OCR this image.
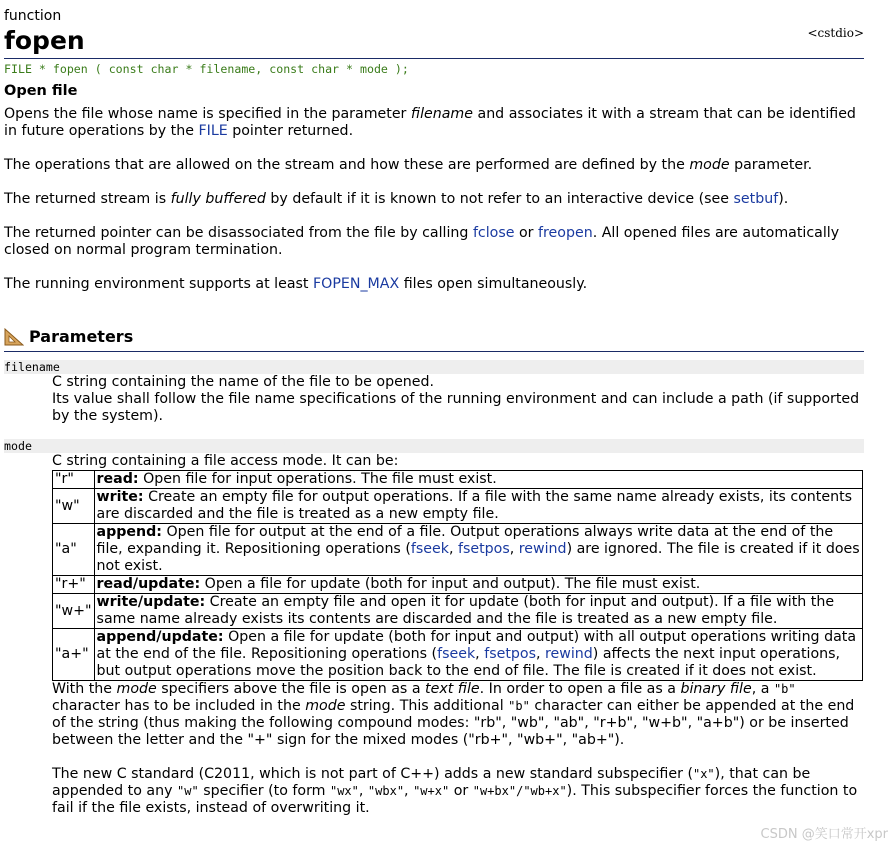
function
fopen	<cstdio>
FILE * fopen ( const char * filename, const char * mode );
Open file

Opens the file whose name is specified in the parameter filename and associates it with a stream that can be identified in future operations by the FILE pointer returned.

The operations that are allowed on the stream and how these are performed are defined by the mode parameter.

The returned stream is fully buffered by default if it is known to not refer to an interactive device (see setbuf).

The returned pointer can be disassociated from the file by calling fclose or freopen. All opened files are automatically closed on normal program termination.

The running environment supports at least FOPEN_MAX files open simultaneously.

Parameters
filename
C string containing the name of the file to be opened.
Its value shall follow the file name specifications of the running environment and can include a path (if supported by the system).
mode
C string containing a file access mode. It can be:
"r"	read: Open file for input operations. The file must exist.
"w"	write: Create an empty file for output operations. If a file with the same name already exists, its contents are discarded and the file is treated as a new empty file.
"a"	append: Open file for output at the end of a file. Output operations always write data at the end of the file, expanding it. Repositioning operations (fseek, fsetpos, rewind) are ignored. The file is created if it does not exist.
"r+"	read/update: Open a file for update (both for input and output). The file must exist.
"w+"	write/update: Create an empty file and open it for update (both for input and output). If a file with the same name already exists its contents are discarded and the file is treated as a new empty file.
"a+"	append/update: Open a file for update (both for input and output) with all output operations writing data at the end of the file. Repositioning operations (fseek, fsetpos, rewind) affects the next input operations, but output operations move the position back to the end of file. The file is created if it does not exist.

With the mode specifiers above the file is open as a text file. In order to open a file as a binary file, a "b" character has to be included in the mode string. This additional "b" character can either be appended at the end of the string (thus making the following compound modes: "rb", "wb", "ab", "r+b", "w+b", "a+b") or be inserted between the letter and the "+" sign for the mixed modes ("rb+", "wb+", "ab+").

The new C standard (C2011, which is not part of C++) adds a new standard subspecifier ("x"), that can be appended to any "w" specifier (to form "wx", "wbx", "w+x" or "w+bx"/"wb+x"). This subspecifier forces the function to fail if the file exists, instead of overwriting it.

CSDN @笑口常开xpr
